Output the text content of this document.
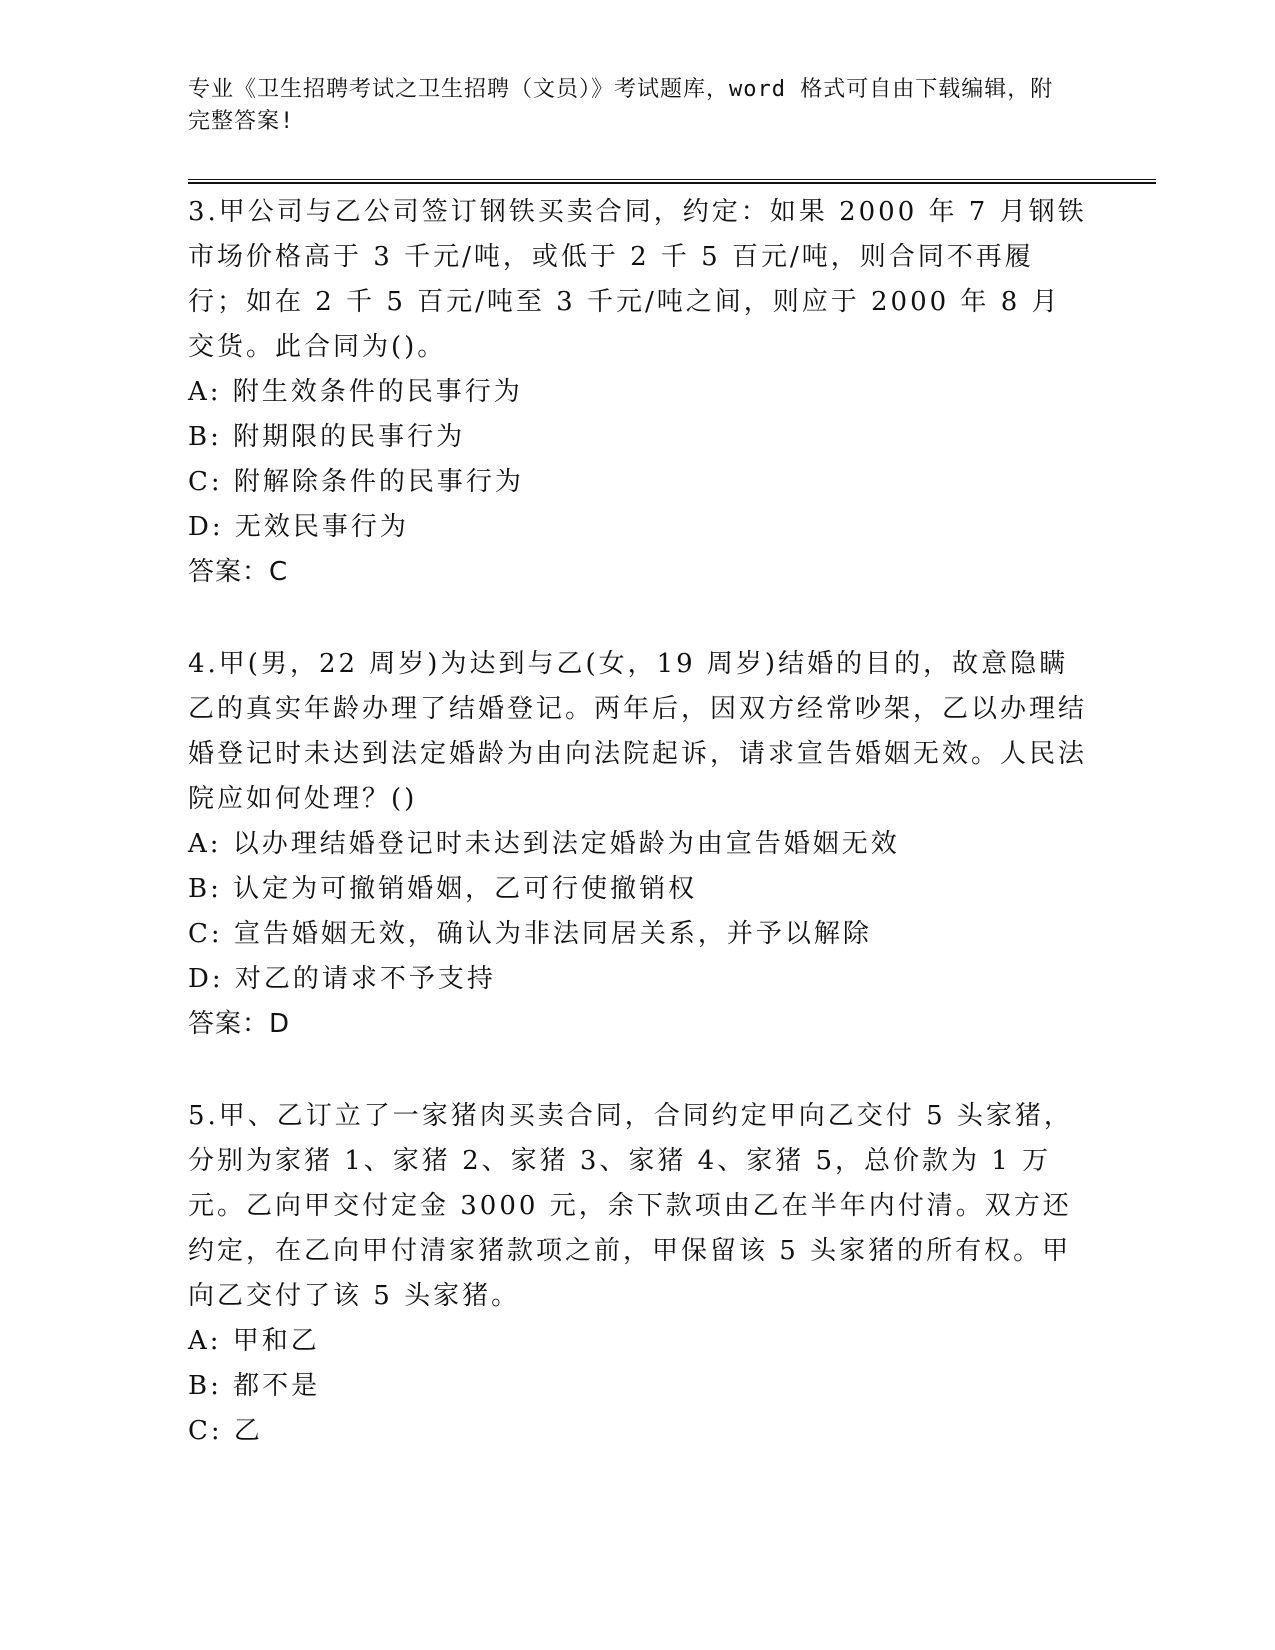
专业《卫生招聘考试之卫生招聘（文员）》考试题库，word 格式可自由下载编辑，附完整答案!

3.甲公司与乙公司签订钢铁买卖合同，约定：如果 2000 年 7 月钢铁市场价格高于 3 千元/吨，或低于 2 千 5 百元/吨，则合同不再履行；如在 2 千 5 百元/吨至 3 千元/吨之间，则应于 2000 年 8 月交货。此合同为()。

A: 附生效条件的民事行为

B: 附期限的民事行为

C: 附解除条件的民事行为

D: 无效民事行为

答案：C

4.甲(男，22 周岁)为达到与乙(女，19 周岁)结婚的目的，故意隐瞒乙的真实年龄办理了结婚登记。两年后，因双方经常吵架，乙以办理结婚登记时未达到法定婚龄为由向法院起诉，请求宣告婚姻无效。人民法院应如何处理？()

A: 以办理结婚登记时未达到法定婚龄为由宣告婚姻无效

B: 认定为可撤销婚姻，乙可行使撤销权

C: 宣告婚姻无效，确认为非法同居关系，并予以解除

D: 对乙的请求不予支持

答案：D

5.甲、乙订立了一家猪肉买卖合同，合同约定甲向乙交付 5 头家猪，分别为家猪 1、家猪 2、家猪 3、家猪 4、家猪 5，总价款为 1 万元。乙向甲交付定金 3000 元，余下款项由乙在半年内付清。双方还约定，在乙向甲付清家猪款项之前，甲保留该 5 头家猪的所有权。甲向乙交付了该 5 头家猪。

A: 甲和乙

B: 都不是

C: 乙
